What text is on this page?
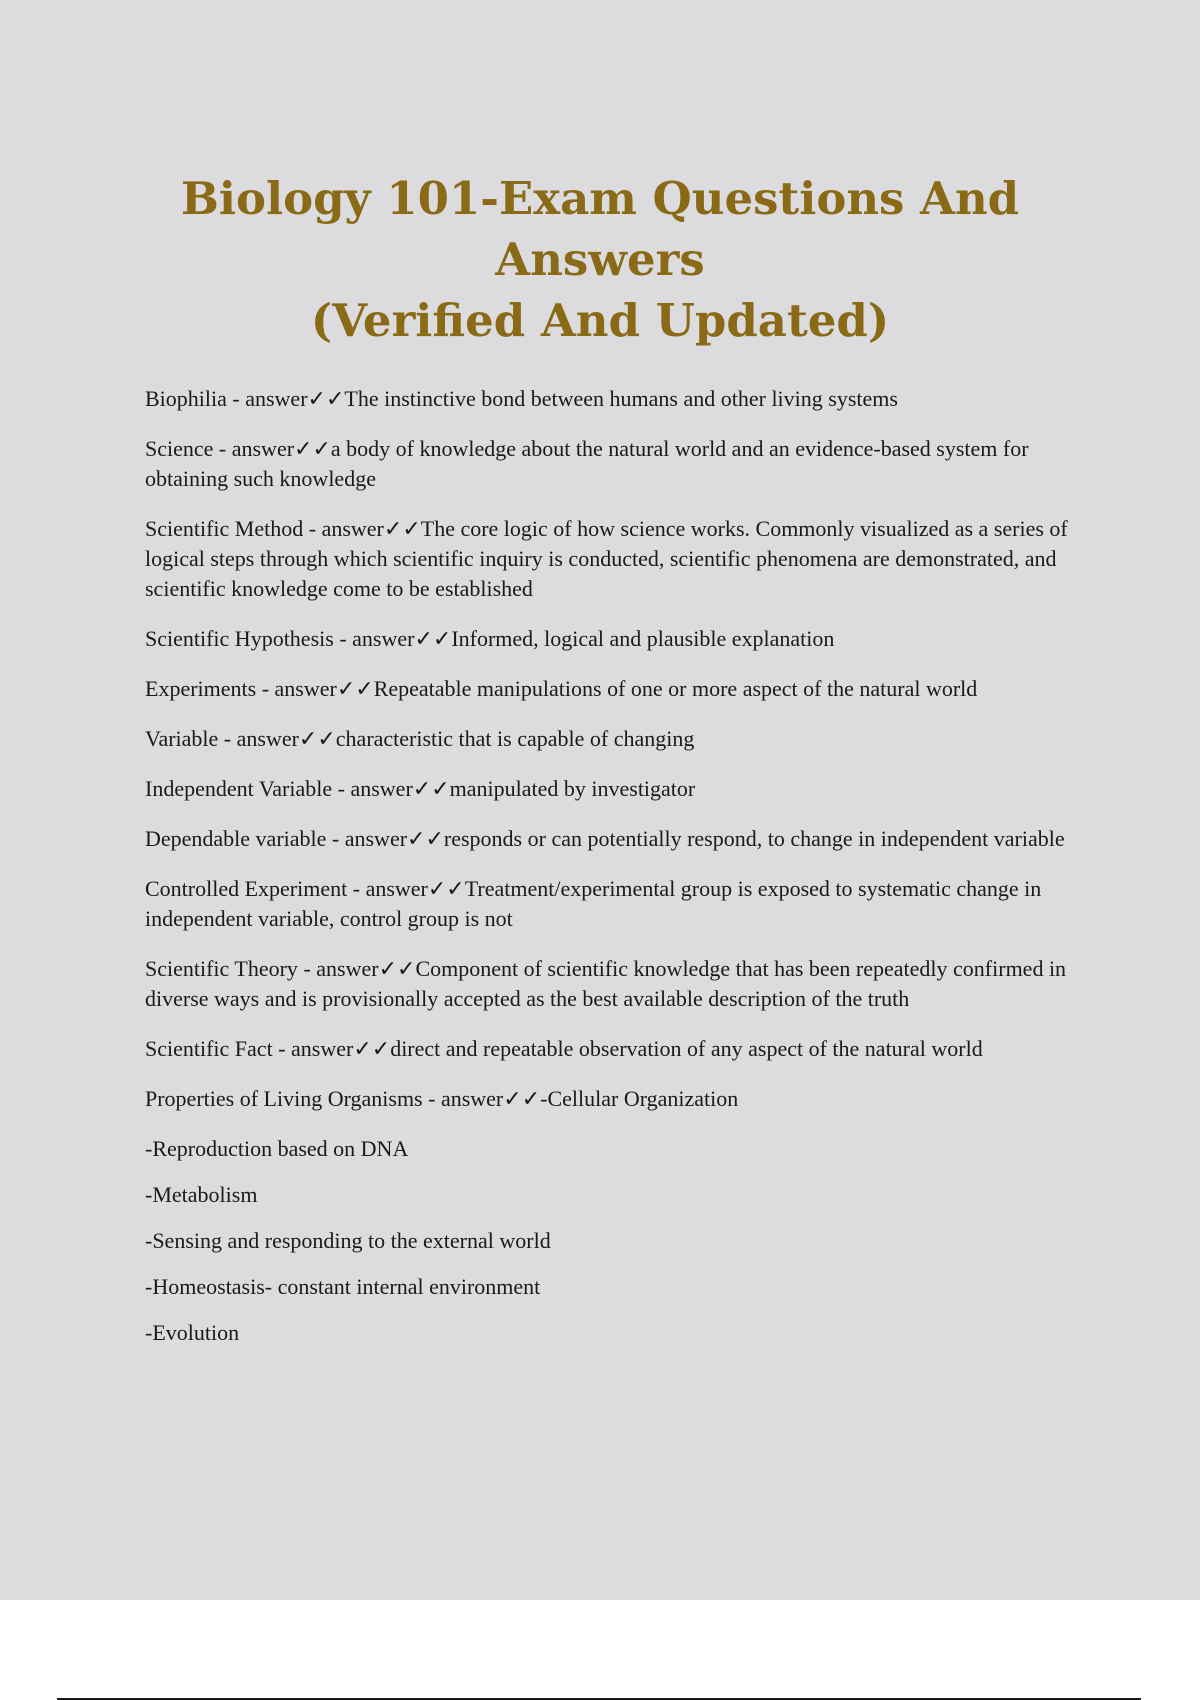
Biology 101-Exam Questions And Answers
(Verified And Updated)

Biophilia - answer✓✓The instinctive bond between humans and other living systems

Science - answer✓✓a body of knowledge about the natural world and an evidence-based system for obtaining such knowledge

Scientific Method - answer✓✓The core logic of how science works. Commonly visualized as a series of logical steps through which scientific inquiry is conducted, scientific phenomena are demonstrated, and scientific knowledge come to be established

Scientific Hypothesis - answer✓✓Informed, logical and plausible explanation

Experiments - answer✓✓Repeatable manipulations of one or more aspect of the natural world

Variable - answer✓✓characteristic that is capable of changing

Independent Variable - answer✓✓manipulated by investigator

Dependable variable - answer✓✓responds or can potentially respond, to change in independent variable

Controlled Experiment - answer✓✓Treatment/experimental group is exposed to systematic change in independent variable, control group is not

Scientific Theory - answer✓✓Component of scientific knowledge that has been repeatedly confirmed in diverse ways and is provisionally accepted as the best available description of the truth

Scientific Fact - answer✓✓direct and repeatable observation of any aspect of the natural world

Properties of Living Organisms - answer✓✓-Cellular Organization

-Reproduction based on DNA

-Metabolism

-Sensing and responding to the external world

-Homeostasis- constant internal environment

-Evolution
